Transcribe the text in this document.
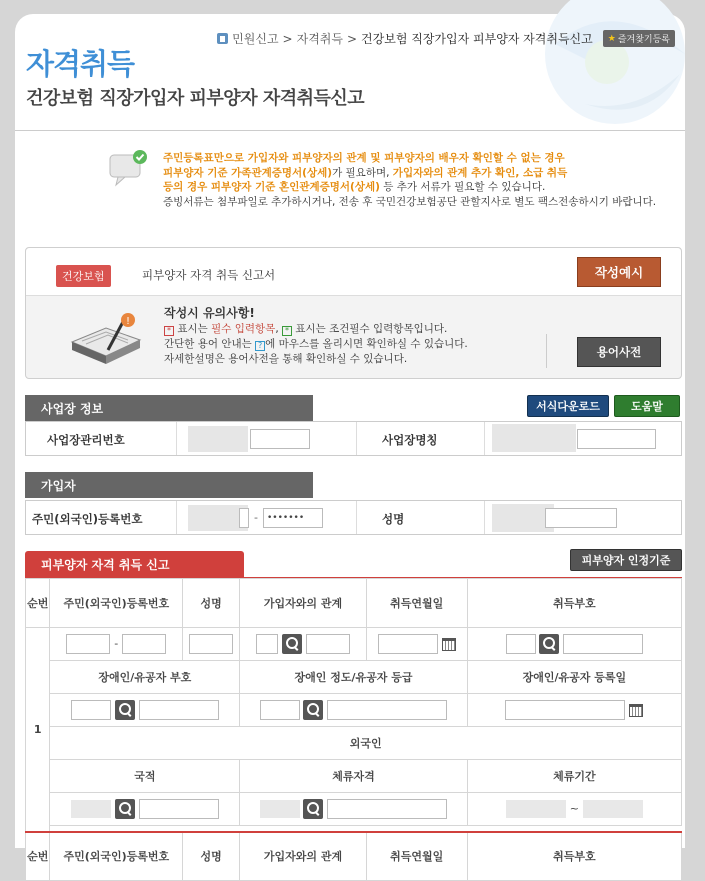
민원신고 > 자격취득 > 건강보험 직장가입자 피부양자 자격취득신고 ★ 즐겨찾기등록
자격취득
건강보험 직장가입자 피부양자 자격취득신고
주민등록표만으로 가입자와 피부양자의 관계 및 피부양자의 배우자 확인할 수 없는 경우
피부양자 기준 가족관계증명서(상세)가 필요하며, 가입자와의 관계 추가 확인, 소급 취득
등의 경우 피부양자 기준 혼인관계증명서(상세) 등 추가 서류가 필요할 수 있습니다.
증빙서류는 첨부파일로 추가하시거나, 전송 후 국민건강보험공단 관할지사로 별도 팩스전송하시기 바랍니다.
건강보험	피부양자 자격 취득 신고서	작성예시
!
작성시 유의사항!
* 표시는 필수 입력항목, * 표시는 조건필수 입력항목입니다.
간단한 용어 안내는 ? 에 마우스를 올리시면 확인하실 수 있습니다.
자세한설명은 용어사전을 통해 확인하실 수 있습니다.	용어사전
사업장 정보	서식다운로드	도움말
사업장관리번호	사업장명칭
가입자
주민(외국인)등록번호	-	•••••••	성명
피부양자 자격 취득 신고	피부양자 인정기준
순번	주민(외국인)등록번호	성명	가입자와의 관계	취득연월일	취득부호
1	-				
	장애인/유공자 부호		장애인 정도/유공자 등급		장애인/유공자 등록일

	외국인				
	국적		체류자격		체류기간
					~

순번	주민(외국인)등록번호	성명	가입자와의 관계	취득연월일	취득부호
